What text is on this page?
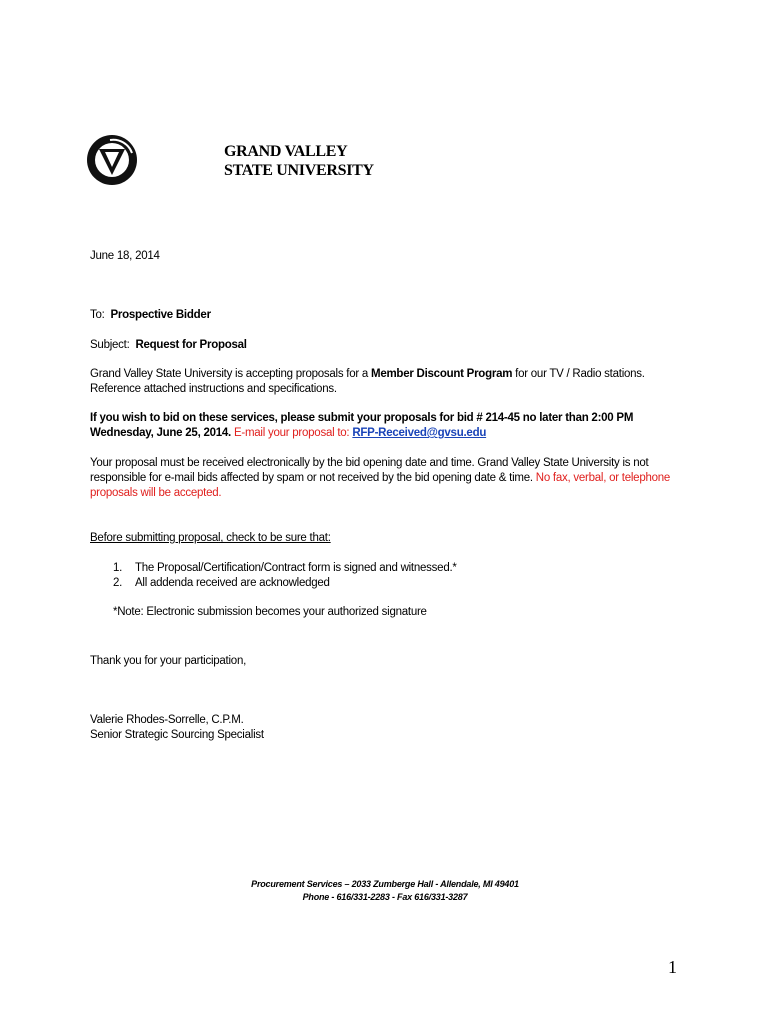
GRAND VALLEY
STATE UNIVERSITY
June 18, 2014
To: Prospective Bidder
Subject: Request for Proposal
Grand Valley State University is accepting proposals for a Member Discount Program for our TV / Radio stations. Reference attached instructions and specifications.
If you wish to bid on these services, please submit your proposals for bid # 214-45 no later than 2:00 PM Wednesday, June 25, 2014. E-mail your proposal to: RFP-Received@gvsu.edu
Your proposal must be received electronically by the bid opening date and time. Grand Valley State University is not responsible for e-mail bids affected by spam or not received by the bid opening date & time. No fax, verbal, or telephone proposals will be accepted.
Before submitting proposal, check to be sure that:
1. The Proposal/Certification/Contract form is signed and witnessed.*
2. All addenda received are acknowledged
*Note: Electronic submission becomes your authorized signature
Thank you for your participation,
Valerie Rhodes-Sorrelle, C.P.M.
Senior Strategic Sourcing Specialist
Procurement Services – 2033 Zumberge Hall - Allendale, MI 49401
Phone - 616/331-2283 - Fax 616/331-3287
1
